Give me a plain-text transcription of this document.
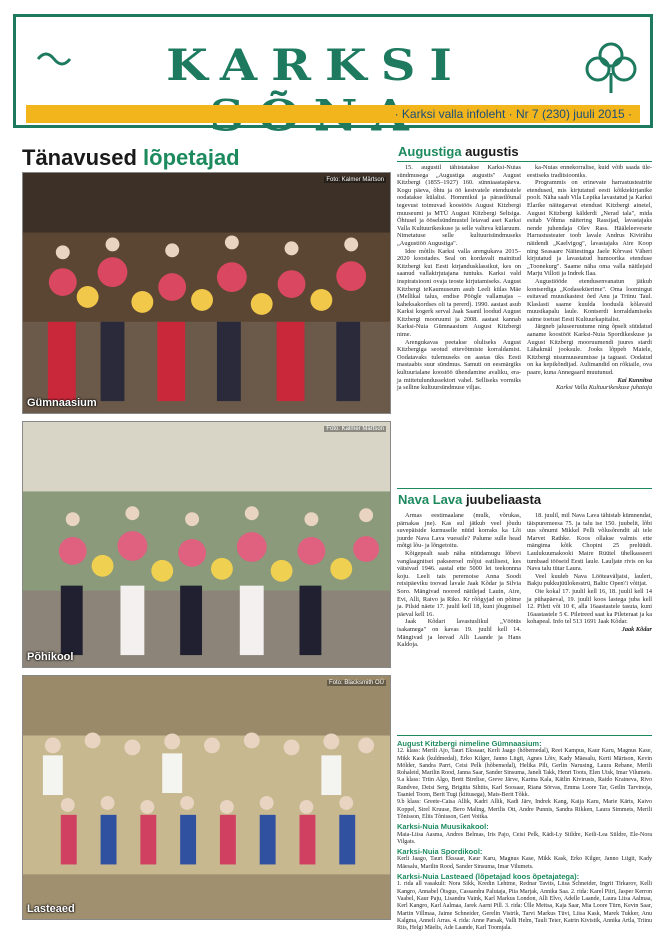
KARKSI
· Karksi valla infoleht · Nr 7 (230) juuli 2015 ·
Tänavused lõpetajad
Foto: Kalmer Märtson
Gümnaasium
Foto: Kalmer Märtson
Põhikool
Foto: Blacksmith OÜ
Lasteaed
Augustiga augustis

15. augustil tähistatakse Karksi-Nuias sündmusega „Augustiga augustis" August Kitzbergi (1855–1927) 160. sünniaastapäeva. Kogu päeva, õhtu ja öö kestvatele etendustele oodatakse külalisi. Hommikul ja pärastlõunal tegevust toimuvad koostöös August Kitzbergi muuseumi ja MTÜ August Kitzbergi Seltsiga. Õhtusel ja ööselsündmustel leiavad aset Karksi Valla Kultuurikeskuse ja selle valteva külaruum. Nimetatuse selle kultuurisündmuseks „Augustiöö Augustiga".

Idee mõtlis Karksi valla arengukava 2015–2020 koostades. Seal on kordavalt mainitud Kitzbergi kui Eesti kirjandusklassikut, kes on saanud vallakirjutajana tuntuks. Karksi vald inspiratsiooni ovaja teoste kirjutamiseks. August Kitzbergi teKaumuseum asub Leeli külas Mäe (Mellikal talus, endise Pöögle vallamajas – kaheksakordses oli ta pererd). 1990. aastast asub Karksi kogerk serval Jaak Saanil loodud August Kitzbergi mooruumi ja 2008. aastast kannab Karksi-Nuia Gümnaasium August Kitzbergi nime.

Arengukavas peetakse oluliseks August Kitzbergiga seotud ettevõtmiste korraldamist. Oodatavaks tulemuseks on aastas üks Eesti mastaabis suur sündmus. Samuti on eesmärgiks kultuurialane koostöö ühendamine avaliku, era- ja mittetulundussektori vahel. Selliseks vormiks ja selline kultuursündmuse viljas.

ka-Nuias ennekorralise, kuid võib saada üle-eestiseks traditsiooniks.

Programmis on erinevate harrastusteatrite etendused, mis kirjutatud eesti kõiktekirjanike poolt. Näha saab Vila Lepika lavastatud ja Karksi Elarike näitegarvat etendust Kitzbergi ainetel, August Kitzbergi kälderdi „Nerad tala", mida esitab Võhma näitering Rassijad, lavastajaks nende juhendaja Olev Rass. Hääleleevesete Harrastusteater toob lavale Andrus Kivirähu näidendi „Kaelvigog", lavastajaks Aire Koop ning Seasaare Näitestinga Jaele Kõrvast Väheri kirjutatud ja lavastatud humoorika etenduse „Toonekurg". Saame näha oma valla näitlejaid Marju Villoti ja Indrek Ilaa.

Augustiööde etendusenvanatun jätkub kontserdiga „Kodaseküerime". Oma loomingut esitavad muusikastest õed Anu ja Triinu Taul. Klaslasti saame kuulda looduslä kõlavaid muusikapalu laule. Kontserdi korraldamiseks saime toetust Eesti Kultuurkapitalist.

Järgneb jaluseeruutume ning õpselt süüdatud aaname koostööt Karksi-Nuia Spordikeskuse ja August Kitzbergi mooruumendi juures stardi Lähakmäl jooksule. Jooks lõppeb Maiele, Kitzbergi nisumuuseumisse ja taguasi. Oodatud on ka kepikõndijad. Aulimandid on rõkiaile, ova paare, kuna Annegaard muutunud.

Kai Kunnitsa

Karksi Valla Kultuurikeskuse juhataja

Nava Lava juubeliaasta

Armas eestimaalane (mulk, võrukas, pärnakas jne). Kas sul jätkub veel jõudu suvepäiside kurnuselle nüüd korraks ka Lõi juurde Nava Lava vuessile? Palume sulle head mõtgi lõu- ja lõngetoitu.

Kõigepealt saab näha nüüdamugu lõbevi vanglaagnitsei pakseersel mõjui eatilisest, kes vätsivad 1946. aastal ette 5000 lei teekonnna koju. Leeli tais peremoise Anna Soodi reisipäeviku toovad lavale Jaak Kõdar ja Silvia Soro. Mängivad noored näitlejad Lauin, Aire, Evi, Alli, Raivo ja Riko. Kr rõõgyjad on põime ja. Pilsid näete 17. juulil kell 18, kuni jõugmisel päeval kell 16.

Jaak Kõdari lavastuslikul „Vöötüs isakamega" on kavas 19. juulil kell 14. Mängivad ja leevad Alli Laande ja Hans Kaldoja.

18. juulil, mil Nava Lava tähistab kümnendat, täispuremeesa 75. ja talu ise 150. juubelit, lõbi uus sõnumi Mikkel Pelli võlusõrendit ali tele Marvet Rathke. Koos ollakse valmis ette mängima kõik Chopini 25 prelüüdi. Laulukuumakooki Maire Rüütel ühelkasseeri tumbaad tööseid Eesti laule. Lauljate rivis on ka Nava talu tütar Laura.

Veel kuuleb Nava Lööteaväljaisi, lauleri, Bakju pukkujüülokesstrü, Baltic Open\'i võitjat.

Oie kokal 17. juulil kell 16, 18. juulil kell 14 ja pühapäeval, 19. juulil koos lastega juba kell 12. Pileti või 10 €, alla 16aastastele tasuta, kuni 16aastastele 5 €. Piletreed saat ka Pileteraat ja ka kohapeal. Info tel 513 1691 Jaak Kõdar.

Jaak Kõdar

August Kitzbergi nimeline Gümnaasium:

12. klass: Merili Ajo, Tauri Ekssaar, Kerli Jaago (hõbemedal), Reet Kampus, Kaur Karu, Magnus Kase, Mikk Kask (kuldmedal), Erko Kilger, Janno Liigit, Agnes Lõiv, Kady Mäesalu, Kerti Märtson, Kevin Mölder, Sandra Parri, Ceisi Pelk (hõbemedal), Helika Pilt, Gerlin Narusing, Laura Rebane, Merili Rohaleid, Marilin Rood, Janna Saar, Sander Sinsuma, Janeli Takk, Henri Toots, Elen Uisk, Imar Vilumets.
9.a klass: Triin Algo, Brett Birelise, Greve Järve, Karina Kala, Kätlin Kivirusts, Raido Kraineva, Rivo Randvee, Deisi Serg, Brigitta Sihtits, Karl Soosaar, Riana Sörvas, Emma Loore Tar, Getlin Tarvinoja, Taaniel Toom, Berit Tugi (kiitusega), Mats-Berit Tõkk.
9.b klass: Greete-Caisa Allik, Kadri Allik, Kadi Järv, Indrek Kang, Kaija Karu, Marie Kärts, Kaivo Koppel, Sirel Kruuse, Bero Maling, Merilis Ott, Andre Punnis, Sandra Rikken, Laura Simmets, Merili Tõnisson, Eliis Tõnisson, Gert Voitka.

Karksi-Nuia Muusikakool:

Maia-Liisa Aasma, Andres Belmas, Iris Pajo, Ceisi Pelk, Kädi-Ly Siildre, Keili-Lea Siildre, Ele-Nora Vilgats.

Karksi-Nuia Spordikool:

Kerli Jaago, Tauri Ekssaar, Kaur Karu, Magnus Kase, Mikk Kask, Erko Kilger, Janno Liigit, Kady Mäesalu, Marilin Rood, Sander Sinsuma, Imar Vilumets.

Karksi-Nuia Lasteaed (lõpetajad koos õpetajatega):

1. rida all vasakult: Nora Sikk, Kredin Lehtme, Rednar Tavits, Liisa Schneider, Ingrit Tirkarov, Kelli Kangro, Annabel Ötsgus, Cassandra Palutaja, Piia Marjak, Annika Saa. 2. rida: Karel Piiri, Jasper Kerron Vaabel, Kaur Paju, Lisandra Vaink, Karl Markus London, Alli Elvo, Adelle Laande, Laura Liisa Aalmaa, Kerl Kangro, Karl Aalmaa, Jarek Aarni Pill. 3. rida: Ülle Meitsa, Kaja Saar, Mia Loore Türn, Kevin Saar, Martin Villmaa, Jaime Schneider, Gerelin Vistrik, Tarvi Markus Tüvi, Liisa Kask, Marek Tukker, Anu Kalgma, Anneli Arras. 4. rida: Anne Parsak, Valli Helm, Tauli Teier, Katrin Kivistik, Annika Artla, Triinu Riis, Helgi Mäelis, Ade Laande, Karl Toomjala.
